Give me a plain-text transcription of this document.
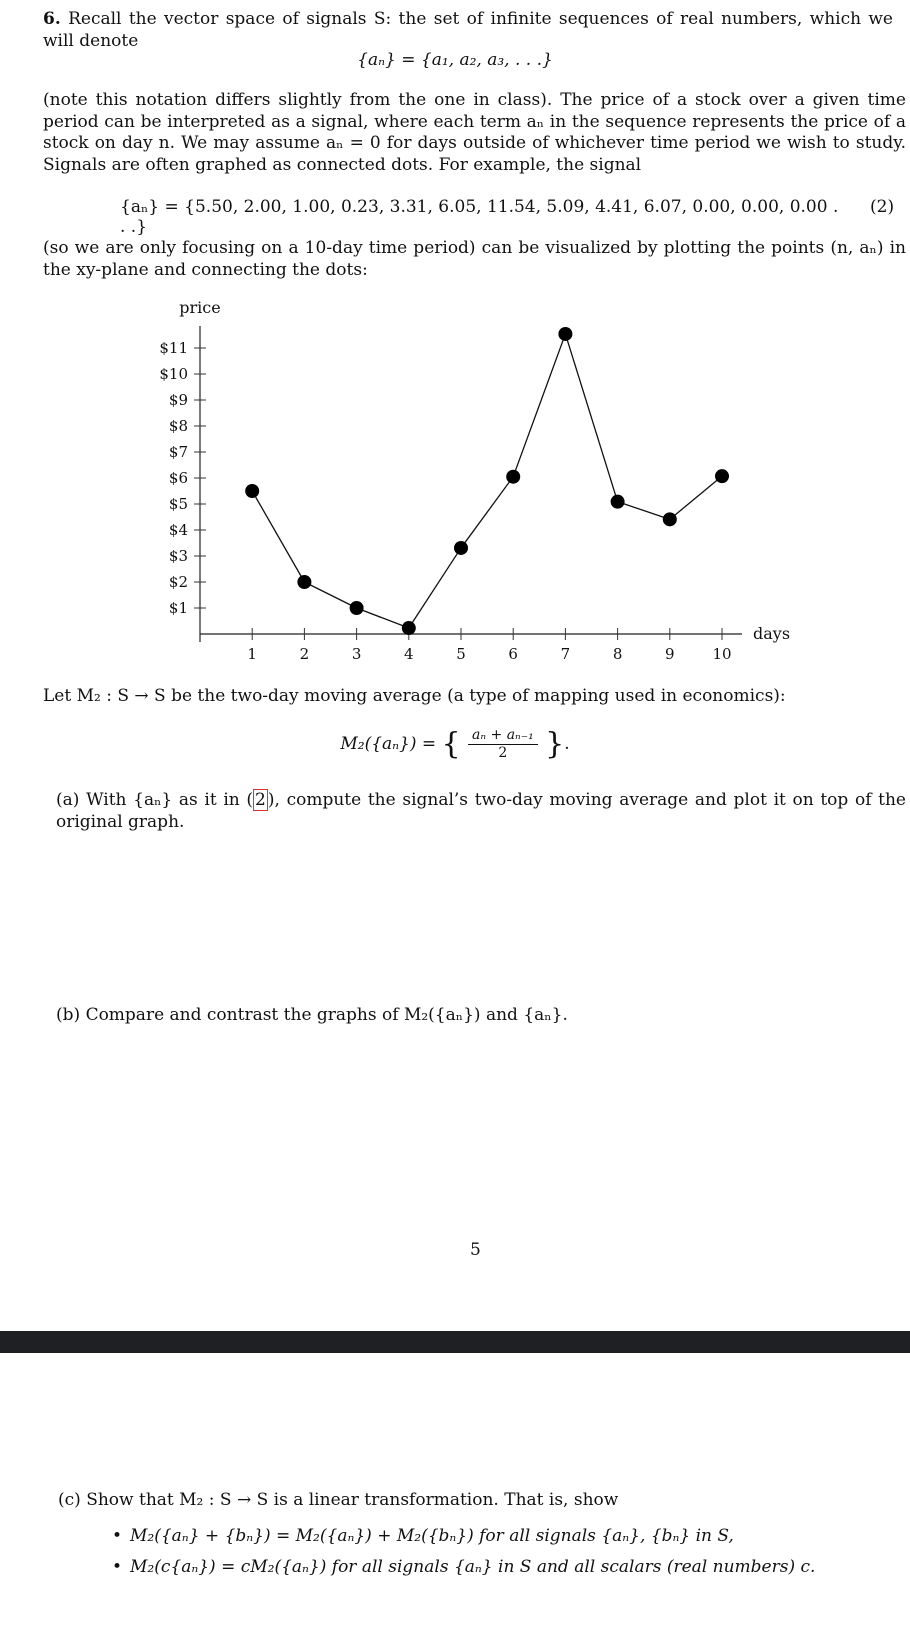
6. Recall the vector space of signals S: the set of infinite sequences of real numbers, which we will denote
{aₙ} = {a₁, a₂, a₃, . . .}
(note this notation differs slightly from the one in class). The price of a stock over a given time period can be interpreted as a signal, where each term aₙ in the sequence represents the price of a stock on day n. We may assume aₙ = 0 for days outside of whichever time period we wish to study. Signals are often graphed as connected dots. For example, the signal
{aₙ} = {5.50, 2.00, 1.00, 0.23, 3.31, 6.05, 11.54, 5.09, 4.41, 6.07, 0.00, 0.00, 0.00 . . .}
(2)
(so we are only focusing on a 10-day time period) can be visualized by plotting the points (n, aₙ) in the xy-plane and connecting the dots:
$1
$2
$3
$4
$5
$6
$7
$8
$9
$10
$11
1	2	3	4	5	6	7	8	9	10
price
days
Let M₂ : S → S be the two-day moving average (a type of mapping used in economics):
M₂({aₙ}) = { $\frac{\text{aₙ + aₙ₋₁}}{2}$ }.
(a) With {aₙ} as it in ( 2 ), compute the signal’s two-day moving average and plot it on top of the original graph.
(b) Compare and contrast the graphs of M₂({aₙ}) and {aₙ}.
5
(c) Show that M₂ : S → S is a linear transformation. That is, show
• M₂({aₙ} + {bₙ}) = M₂({aₙ}) + M₂({bₙ}) for all signals {aₙ}, {bₙ} in S,
• M₂(c{aₙ}) = cM₂({aₙ}) for all signals {aₙ} in S and all scalars (real numbers) c.
